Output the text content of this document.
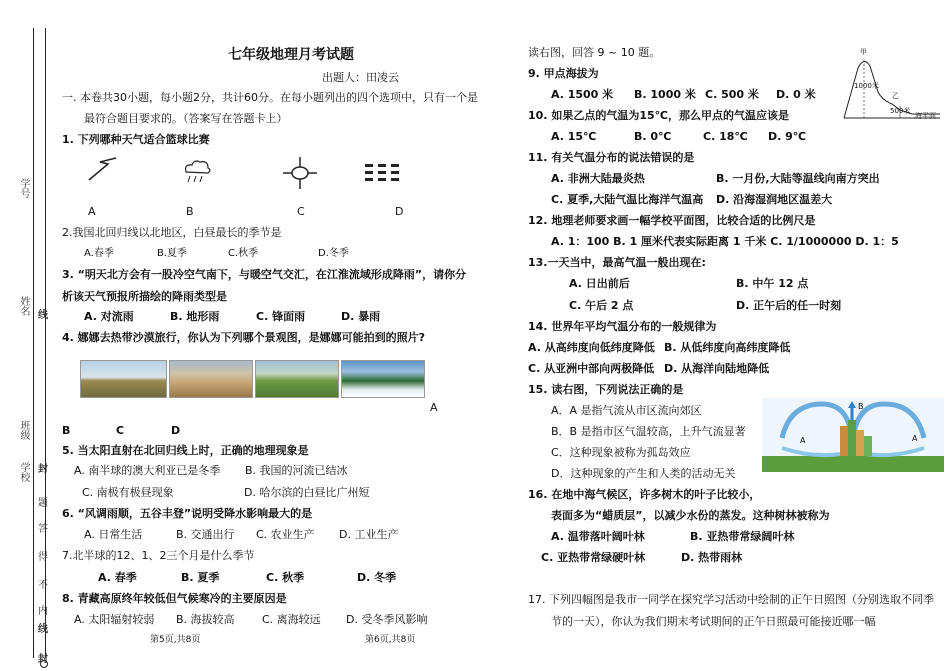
学号
姓名
班级
学校
线
封
题
答
得
不
内
线
封
七年级地理月考试题
出题人：田凌云
一. 本卷共30小题，每小题2分，共计60分。在每小题列出的四个选项中，只有一个是
最符合题目要求的。（答案写在答题卡上）
1. 下列哪种天气适合篮球比赛
A	B	C	D
2.我国北回归线以北地区，白昼最长的季节是
A.春季	B.夏季	C.秋季	D.冬季
3. “明天北方会有一股冷空气南下，与暖空气交汇，在江淮流域形成降雨”，请你分
析该天气预报所描绘的降雨类型是
A. 对流雨	B. 地形雨	C. 锋面雨	D. 暴雨
4. 娜娜去热带沙漠旅行，你认为下列哪个景观图，是娜娜可能拍到的照片?
A
B	C	D
5. 当太阳直射在北回归线上时，正确的地理现象是
A. 南半球的澳大利亚已是冬季 B. 我国的河流已结冰
C. 南极有极昼现象	D. 哈尔滨的白昼比广州短
6. “风调雨顺，五谷丰登”说明受降水影响最大的是
A. 日常生活	B. 交通出行 C. 农业生产 D. 工业生产
7.北半球的12、1、2三个月是什么季节
A. 春季	B. 夏季	C. 秋季	D. 冬季
8. 青藏高原终年较低但气候寒冷的主要原因是
A. 太阳辐射较弱 B. 海拔较高 C. 离海较远 D. 受冬季风影响
第5页,共8页
读右图，回答 9 ~ 10 题。	甲
乙
1000米
500米
海平面
9. 甲点海拔为
A. 1500 米 B. 1000 米 C. 500 米 D. 0 米
10. 如果乙点的气温为15℃，那么甲点的气温应该是
A. 15℃	B. 0℃	C. 18℃ D. 9℃
11. 有关气温分布的说法错误的是
A. 非洲大陆最炎热	B. 一月份,大陆等温线向南方突出
C. 夏季,大陆气温比海洋气温高 D. 沿海湿润地区温差大
12. 地理老师要求画一幅学校平面图，比较合适的比例尺是
A. 1：100 B. 1 厘米代表实际距离 1 千米 C. 1/1000000 D. 1：5
13.一天当中，最高气温一般出现在:
A. 日出前后	B. 中午 12 点
C. 午后 2 点	D. 正午后的任一时刻
14. 世界年平均气温分布的一般规律为
A. 从高纬度向低纬度降低 B. 从低纬度向高纬度降低
C. 从亚洲中部向两极降低 D. 从海洋向陆地降低
15. 读右图，下列说法正确的是
A．A 是指气流从市区流向郊区
B．B 是指市区气温较高，上升气流显著
C．这种现象被称为孤岛效应
D．这种现象的产生和人类的活动无关
A
B
A
16. 在地中海气候区，许多树木的叶子比较小，
表面多为“蜡质层”，以减少水份的蒸发。这种树林被称为
A. 温带落叶阔叶林	B. 亚热带常绿阔叶林
C. 亚热带常绿硬叶林	D. 热带雨林
17. 下列四幅图是我市一同学在探究学习活动中绘制的正午日照图（分别选取不同季
节的一天），你认为我们期末考试期间的正午日照最可能接近哪一幅
第6页,共8页
